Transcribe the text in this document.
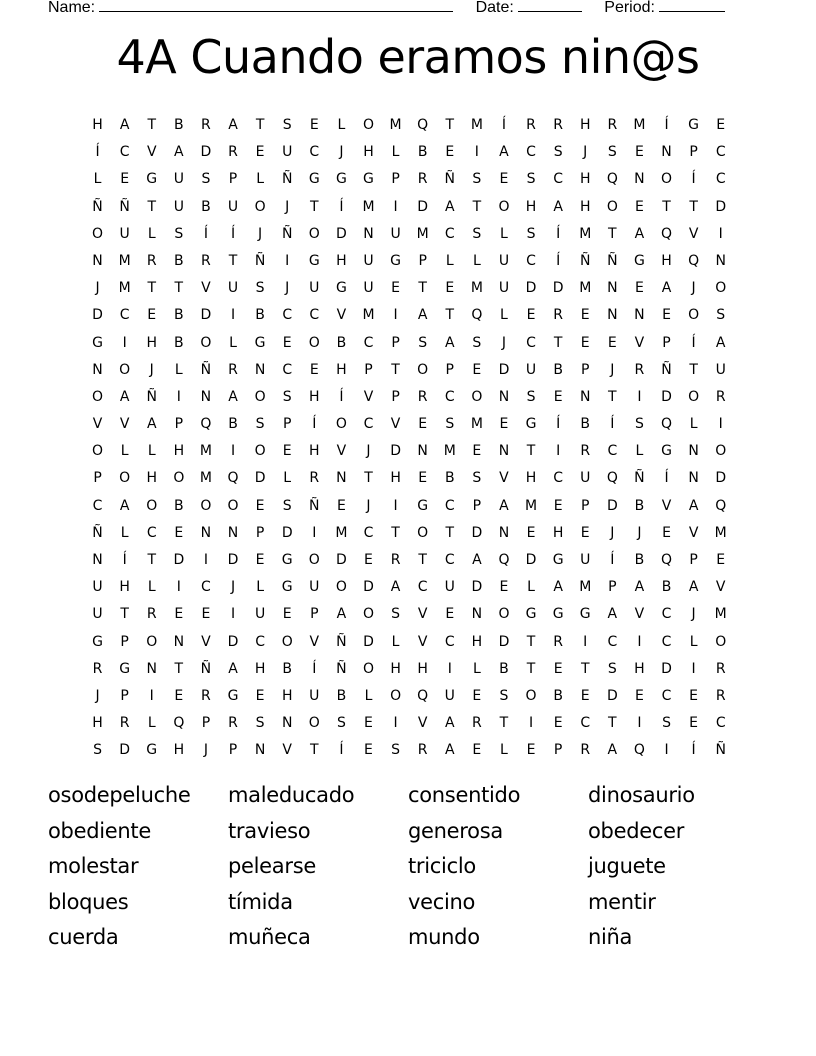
Name:	Date:	Period:
4A Cuando eramos nin@s
H	A	T	B	R	A	T	S	E	L	O	M	Q	T	M	Í	R	R	H	R	M	Í	G	E
Í	C	V	A	D	R	E	U	C	J	H	L	B	E	I	A	C	S	J	S	E	N	P	C
L	E	G	U	S	P	L	Ñ	G	G	G	P	R	Ñ	S	E	S	C	H	Q	N	O	Í	C
Ñ	Ñ	T	U	B	U	O	J	T	Í	M	I	D	A	T	O	H	A	H	O	E	T	T	D
O	U	L	S	Í	Í	J	Ñ	O	D	N	U	M	C	S	L	S	Í	M	T	A	Q	V	I
N	M	R	B	R	T	Ñ	I	G	H	U	G	P	L	L	U	C	Í	Ñ	Ñ	G	H	Q	N
J	M	T	T	V	U	S	J	U	G	U	E	T	E	M	U	D	D	M	N	E	A	J	O
D	C	E	B	D	I	B	C	C	V	M	I	A	T	Q	L	E	R	E	N	N	E	O	S
G	I	H	B	O	L	G	E	O	B	C	P	S	A	S	J	C	T	E	E	V	P	Í	A
N	O	J	L	Ñ	R	N	C	E	H	P	T	O	P	E	D	U	B	P	J	R	Ñ	T	U
O	A	Ñ	I	N	A	O	S	H	Í	V	P	R	C	O	N	S	E	N	T	I	D	O	R
V	V	A	P	Q	B	S	P	Í	O	C	V	E	S	M	E	G	Í	B	Í	S	Q	L	I
O	L	L	H	M	I	O	E	H	V	J	D	N	M	E	N	T	I	R	C	L	G	N	O
P	O	H	O	M	Q	D	L	R	N	T	H	E	B	S	V	H	C	U	Q	Ñ	Í	N	D
C	A	O	B	O	O	E	S	Ñ	E	J	I	G	C	P	A	M	E	P	D	B	V	A	Q
Ñ	L	C	E	N	N	P	D	I	M	C	T	O	T	D	N	E	H	E	J	J	E	V	M
N	Í	T	D	I	D	E	G	O	D	E	R	T	C	A	Q	D	G	U	Í	B	Q	P	E
U	H	L	I	C	J	L	G	U	O	D	A	C	U	D	E	L	A	M	P	A	B	A	V
U	T	R	E	E	I	U	E	P	A	O	S	V	E	N	O	G	G	G	A	V	C	J	M
G	P	O	N	V	D	C	O	V	Ñ	D	L	V	C	H	D	T	R	I	C	I	C	L	O
R	G	N	T	Ñ	A	H	B	Í	Ñ	O	H	H	I	L	B	T	E	T	S	H	D	I	R
J	P	I	E	R	G	E	H	U	B	L	O	Q	U	E	S	O	B	E	D	E	C	E	R
H	R	L	Q	P	R	S	N	O	S	E	I	V	A	R	T	I	E	C	T	I	S	E	C
S	D	G	H	J	P	N	V	T	Í	E	S	R	A	E	L	E	P	R	A	Q	I	Í	Ñ
osodepeluche	maleducado	consentido	dinosaurio
obediente	travieso	generosa	obedecer
molestar	pelearse	triciclo	juguete
bloques	tímida	vecino	mentir
cuerda	muñeca	mundo	niña
